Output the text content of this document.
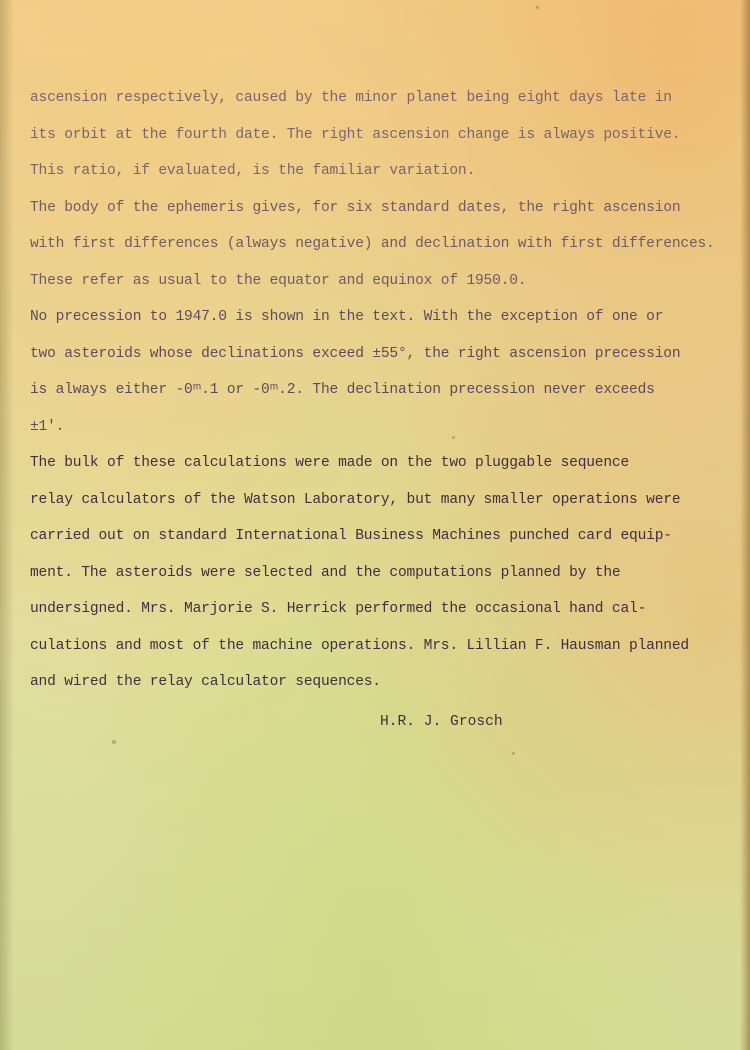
ascension respectively, caused by the minor planet being eight days late in
its orbit at the fourth date. The right ascension change is always positive.
This ratio, if evaluated, is the familiar variation.
The body of the ephemeris gives, for six standard dates, the right ascension
with first differences (always negative) and declination with first differences.
These refer as usual to the equator and equinox of 1950.0.
No precession to 1947.0 is shown in the text. With the exception of one or
two asteroids whose declinations exceed ±55°, the right ascension precession
is always either -0ᵐ.1 or -0ᵐ.2. The declination precession never exceeds
±1′.
The bulk of these calculations were made on the two pluggable sequence
relay calculators of the Watson Laboratory, but many smaller operations were
carried out on standard International Business Machines punched card equip-
ment. The asteroids were selected and the computations planned by the
undersigned. Mrs. Marjorie S. Herrick performed the occasional hand cal-
culations and most of the machine operations. Mrs. Lillian F. Hausman planned
and wired the relay calculator sequences.
H.R. J. Grosch
